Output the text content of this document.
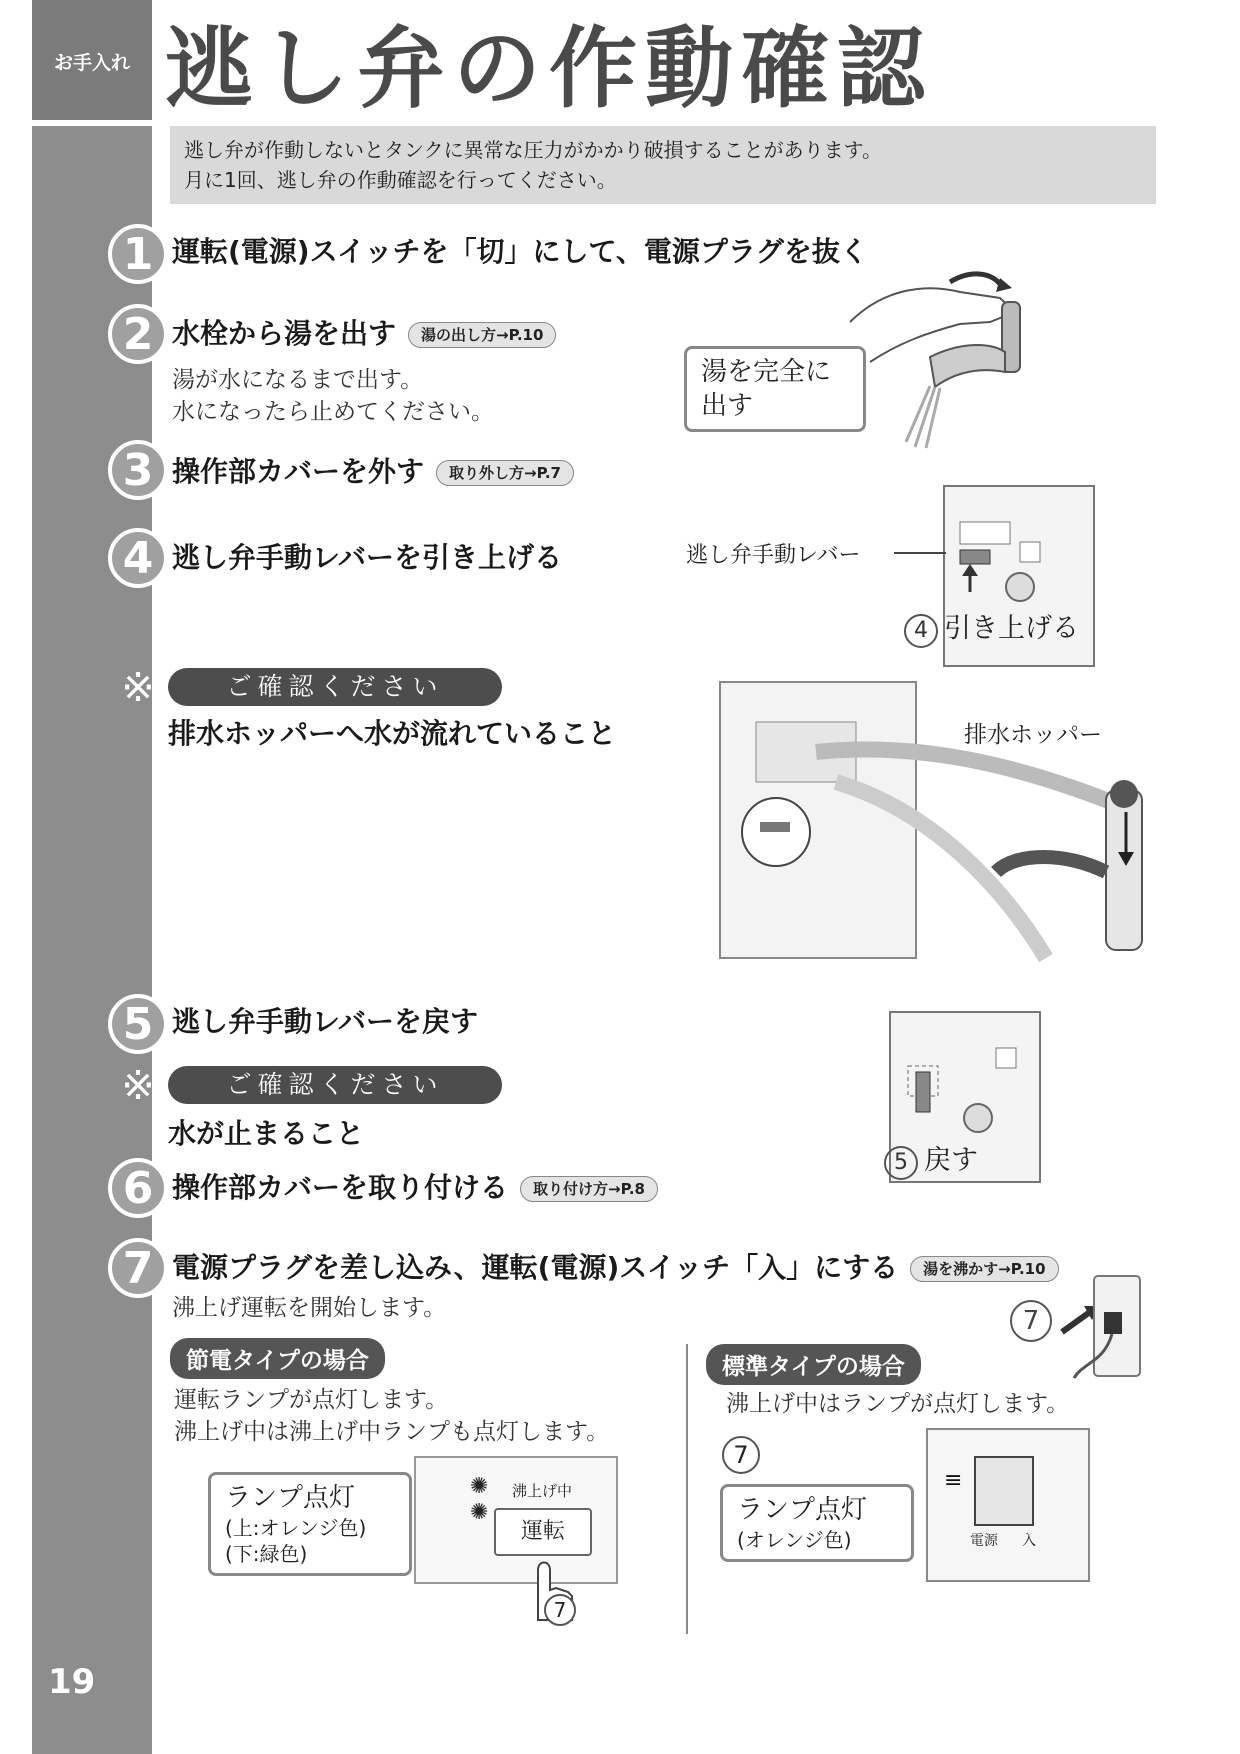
お手入れ
19
逃し弁の作動確認
逃し弁が作動しないとタンクに異常な圧力がかかり破損することがあります。
月に1回、逃し弁の作動確認を行ってください。
1 運転(電源)スイッチを「切」にして、電源プラグを抜く
2 水栓から湯を出す 湯の出し方→P.10
湯が水になるまで出す。
水になったら止めてください。
湯を完全に
出す
3 操作部カバーを外す 取り外し方→P.7
4 逃し弁手動レバーを引き上げる	逃し弁手動レバー
4 引き上げる
※	ご確認ください
排水ホッパーへ水が流れていること	排水ホッパー
5 逃し弁手動レバーを戻す
5 戻す
※	ご確認ください
水が止まること
6 操作部カバーを取り付ける 取り付け方→P.8
7 電源プラグを差し込み、運転(電源)スイッチ「入」にする 湯を沸かす→P.10
沸上げ運転を開始します。	7
節電タイプの場合
運転ランプが点灯します。
沸上げ中は沸上げ中ランプも点灯します。
✺
✺
沸上げ中
運転
7
ランプ点灯
(上:オレンジ色)
(下:緑色)
標準タイプの場合
沸上げ中はランプが点灯します。
7
≡
電源 入
ランプ点灯
(オレンジ色)
